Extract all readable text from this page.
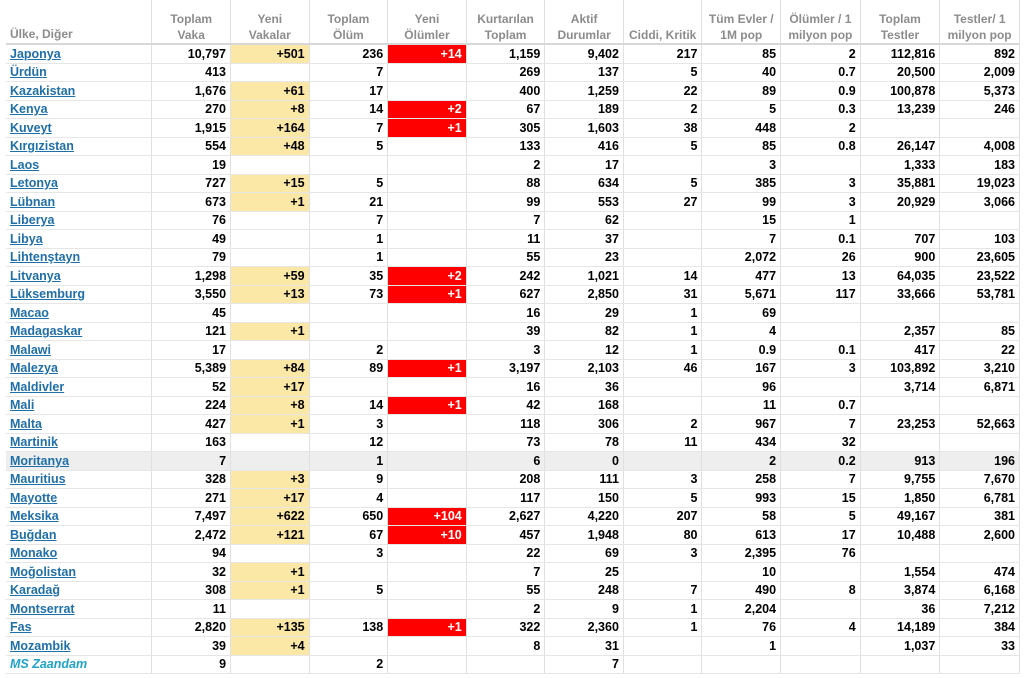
Ülke, Diğer	Toplam Vaka	Yeni Vakalar	Toplam Ölüm	Yeni Ölümler	Kurtarılan Toplam	Aktif Durumlar	Ciddi, Kritik	Tüm Evler / 1M pop	Ölümler / 1 milyon pop	Toplam Testler	Testler/ 1 milyon pop
Japonya	10,797	+501	236	+14	1,159	9,402	217	85	2	112,816	892
Ürdün	413		7		269	137	5	40	0.7	20,500	2,009
Kazakistan	1,676	+61	17		400	1,259	22	89	0.9	100,878	5,373
Kenya	270	+8	14	+2	67	189	2	5	0.3	13,239	246
Kuveyt	1,915	+164	7	+1	305	1,603	38	448	2		
Kırgızistan	554	+48	5		133	416	5	85	0.8	26,147	4,008
Laos	19				2	17		3		1,333	183
Letonya	727	+15	5		88	634	5	385	3	35,881	19,023
Lübnan	673	+1	21		99	553	27	99	3	20,929	3,066
Liberya	76		7		7	62		15	1		
Libya	49		1		11	37		7	0.1	707	103
Lihtenştayn	79		1		55	23		2,072	26	900	23,605
Litvanya	1,298	+59	35	+2	242	1,021	14	477	13	64,035	23,522
Lüksemburg	3,550	+13	73	+1	627	2,850	31	5,671	117	33,666	53,781
Macao	45				16	29	1	69			
Madagaskar	121	+1			39	82	1	4		2,357	85
Malawi	17		2		3	12	1	0.9	0.1	417	22
Malezya	5,389	+84	89	+1	3,197	2,103	46	167	3	103,892	3,210
Maldivler	52	+17			16	36		96		3,714	6,871
Mali	224	+8	14	+1	42	168		11	0.7		
Malta	427	+1	3		118	306	2	967	7	23,253	52,663
Martinik	163		12		73	78	11	434	32		
Moritanya	7		1		6	0		2	0.2	913	196
Mauritius	328	+3	9		208	111	3	258	7	9,755	7,670
Mayotte	271	+17	4		117	150	5	993	15	1,850	6,781
Meksika	7,497	+622	650	+104	2,627	4,220	207	58	5	49,167	381
Buğdan	2,472	+121	67	+10	457	1,948	80	613	17	10,488	2,600
Monako	94		3		22	69	3	2,395	76		
Moğolistan	32	+1			7	25		10		1,554	474
Karadağ	308	+1	5		55	248	7	490	8	3,874	6,168
Montserrat	11				2	9	1	2,204		36	7,212
Fas	2,820	+135	138	+1	322	2,360	1	76	4	14,189	384
Mozambik	39	+4			8	31		1		1,037	33
MS Zaandam	9		2			7					
